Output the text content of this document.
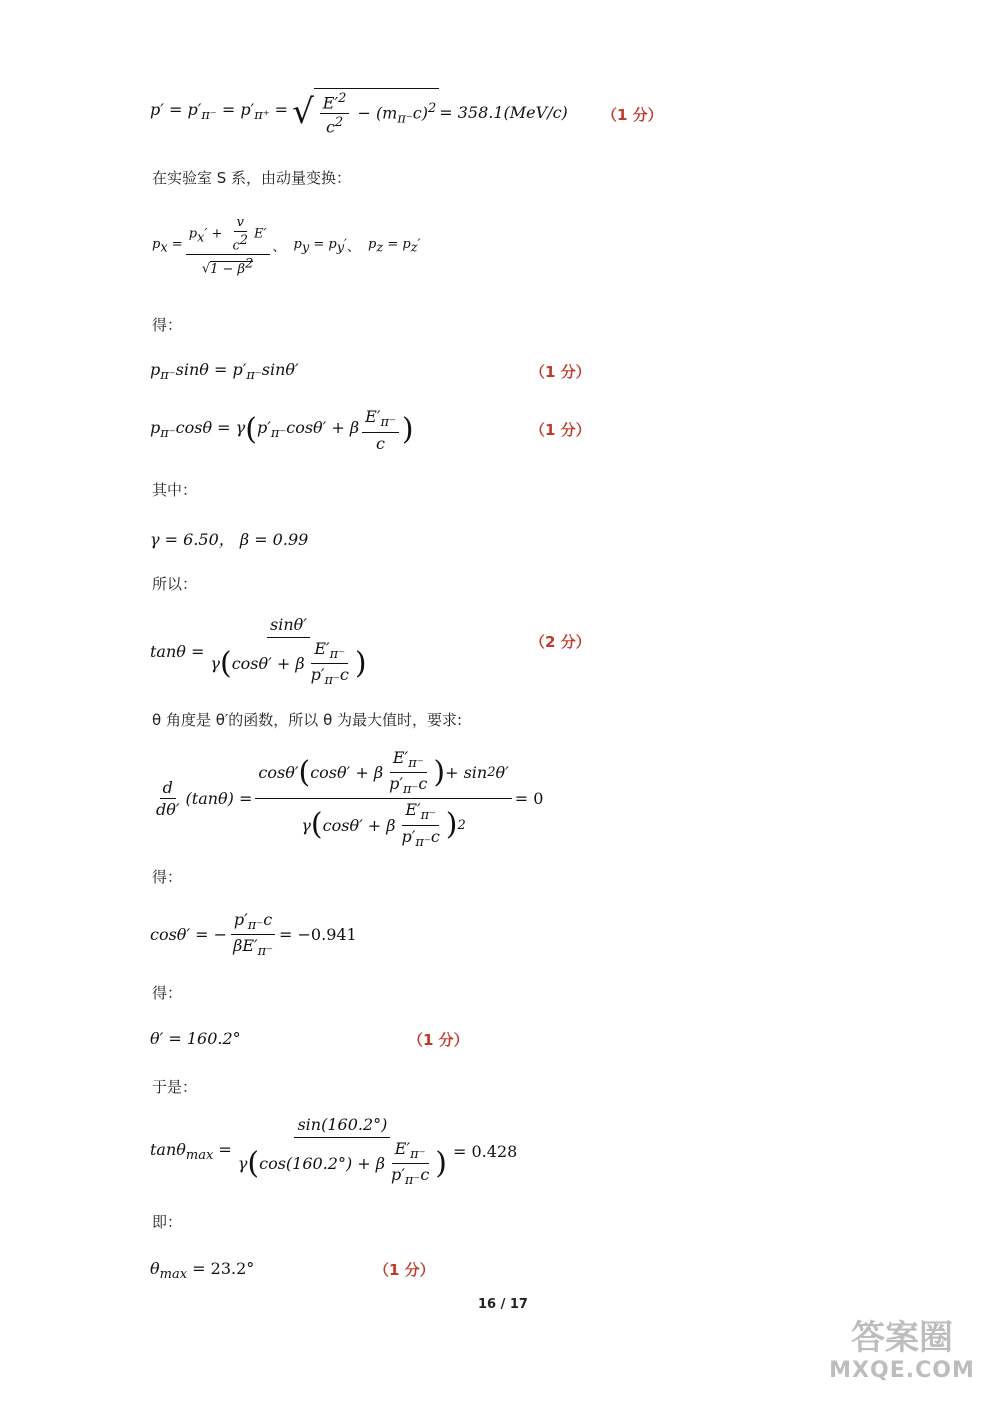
$p' = p'_{\pi^-} = p'_{\pi^+}$ = √ $\frac{E'^2}{c^2} - (m_{\pi^-}c)^2 = 358.1(MeV/c)$ （1 分）
在实验室 S 系，由动量变换：
$p_x = \frac{p_x' + \frac{v}{c^2} E'}{√1 - \beta^2}$ 、 $p_y = p_y'$ 、 $p_z = p_z'$
得：
$p_{\pi^-}\sin\theta = p'_{\pi^-}\sin\theta'$	（1 分）
$p_{\pi^-}\cos\theta = \gamma$ ( $p'_{\pi^-}\cos\theta' + \beta \frac{E'_{\pi^-}}{c}$ )	（1 分）
其中：
γ = 6.50， β = 0.99
所以：
$\tan\theta = \frac{\sin\theta'}{\gamma ( \cos\theta' + \beta \frac{E'_{\pi^-}}{p'_{\pi^-}c} )}$	（2 分）
θ 角度是 θ′的函数，所以 θ 为最大值时，要求:
$\frac{d}{d\theta'} (\tan\theta) = \frac{\cos\theta' ( \cos\theta' + \beta \frac{E'_{\pi^-}}{p'_{\pi^-}c} ) + \sin 2 \theta'}{\gamma ( \cos\theta' + \beta \frac{E'_{\pi^-}}{p'_{\pi^-}c} ) 2} = 0$
得：
cosθ′ = − $\frac{p'_{\pi^-}c}{\beta E'_{\pi^-}} = -0.941$
得：
θ′ = 160.2°	（1 分）
于是：
$\tan\theta_{max} = \frac{\sin(160.2^\circ)}{\gamma ( \cos(160.2^\circ) + \beta \frac{E'_{\pi^-}}{p'_{\pi^-}c} )} = 0.428$
即：
$\theta_{max} = 23.2^\circ$	（1 分）
16 / 17
答案圈
MXQE.COM
